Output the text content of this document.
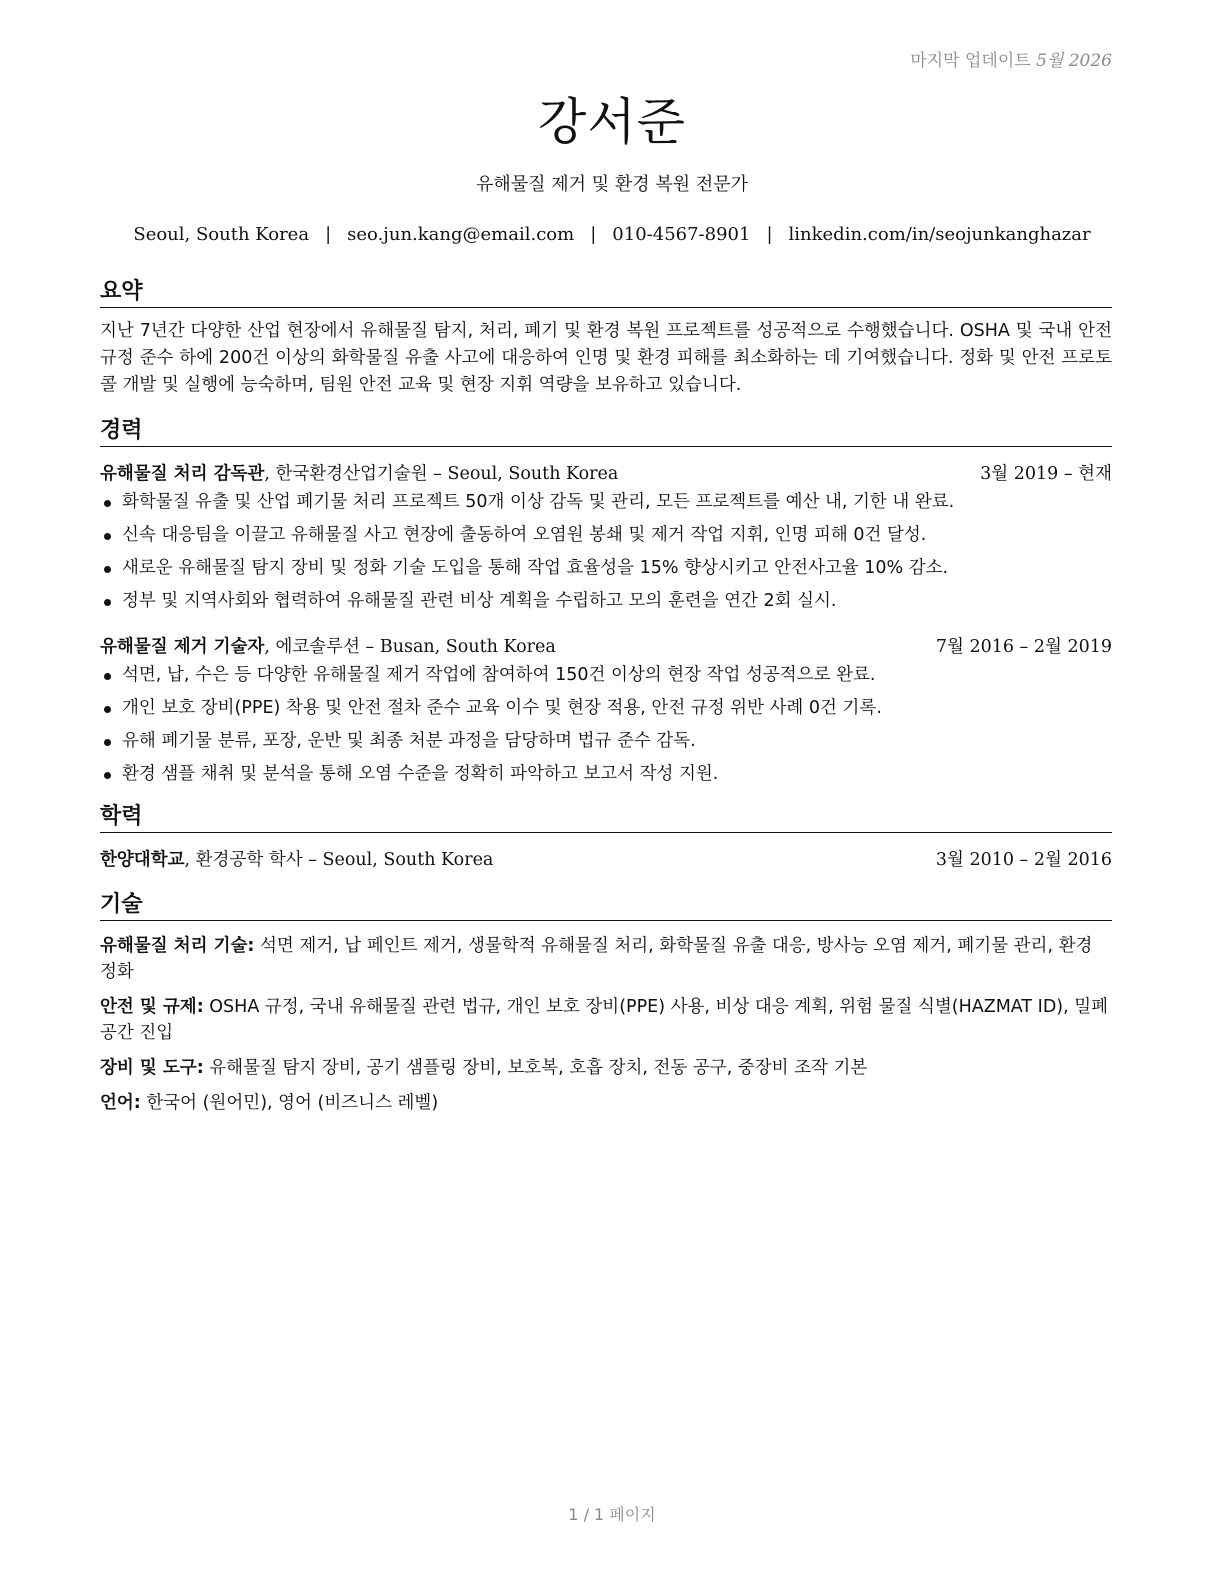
마지막 업데이트 5월 2026
강서준
유해물질 제거 및 환경 복원 전문가
Seoul, South Korea | seo.jun.kang@email.com | 010-4567-8901 | linkedin.com/in/seojunkanghazar
요약

지난 7년간 다양한 산업 현장에서 유해물질 탐지, 처리, 폐기 및 환경 복원 프로젝트를 성공적으로 수행했습니다. OSHA 및 국내 안전 규정 준수 하에 200건 이상의 화학물질 유출 사고에 대응하여 인명 및 환경 피해를 최소화하는 데 기여했습니다. 정화 및 안전 프로토콜 개발 및 실행에 능숙하며, 팀원 안전 교육 및 현장 지휘 역량을 보유하고 있습니다.

경력
유해물질 처리 감독관, 한국환경산업기술원 – Seoul, South Korea	3월 2019 – 현재
화학물질 유출 및 산업 폐기물 처리 프로젝트 50개 이상 감독 및 관리, 모든 프로젝트를 예산 내, 기한 내 완료.
신속 대응팀을 이끌고 유해물질 사고 현장에 출동하여 오염원 봉쇄 및 제거 작업 지휘, 인명 피해 0건 달성.
새로운 유해물질 탐지 장비 및 정화 기술 도입을 통해 작업 효율성을 15% 향상시키고 안전사고율 10% 감소.
정부 및 지역사회와 협력하여 유해물질 관련 비상 계획을 수립하고 모의 훈련을 연간 2회 실시.
유해물질 제거 기술자, 에코솔루션 – Busan, South Korea	7월 2016 – 2월 2019
석면, 납, 수은 등 다양한 유해물질 제거 작업에 참여하여 150건 이상의 현장 작업 성공적으로 완료.
개인 보호 장비(PPE) 착용 및 안전 절차 준수 교육 이수 및 현장 적용, 안전 규정 위반 사례 0건 기록.
유해 폐기물 분류, 포장, 운반 및 최종 처분 과정을 담당하며 법규 준수 감독.
환경 샘플 채취 및 분석을 통해 오염 수준을 정확히 파악하고 보고서 작성 지원.
학력
한양대학교, 환경공학 학사 – Seoul, South Korea	3월 2010 – 2월 2016
기술

유해물질 처리 기술: 석면 제거, 납 페인트 제거, 생물학적 유해물질 처리, 화학물질 유출 대응, 방사능 오염 제거, 폐기물 관리, 환경 정화

안전 및 규제: OSHA 규정, 국내 유해물질 관련 법규, 개인 보호 장비(PPE) 사용, 비상 대응 계획, 위험 물질 식별(HAZMAT ID), 밀폐 공간 진입

장비 및 도구: 유해물질 탐지 장비, 공기 샘플링 장비, 보호복, 호흡 장치, 전동 공구, 중장비 조작 기본

언어: 한국어 (원어민), 영어 (비즈니스 레벨)

1 / 1 페이지
